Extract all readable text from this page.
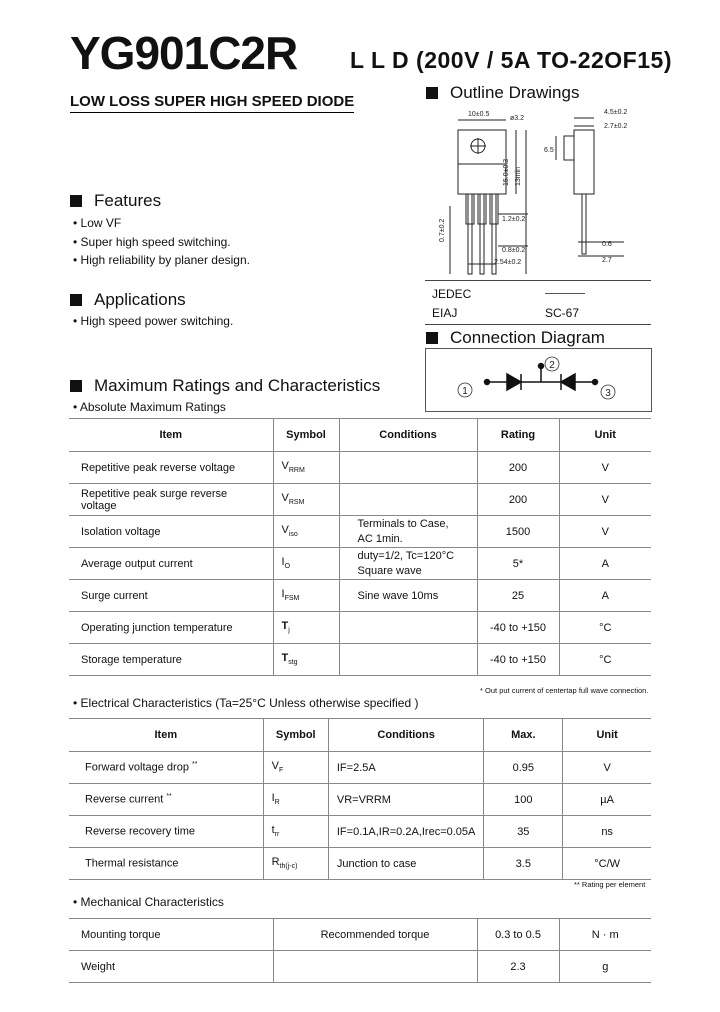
YG901C2R L L D (200V / 5A TO-22OF15)
LOW LOSS SUPER HIGH SPEED DIODE
Features
• Low VF
• Super high speed switching.
• High reliability by planer design.
Applications
• High speed power switching.
Outline Drawings
10±0.5
ø3.2
4.5±0.2
2.7±0.2
6.5
15.0±0.3 13min
1.2±0.2
0.8±0.2
0.7±0.2
2.54±0.2
0.6
2.7
JEDEC
EIAJ	SC-67
Connection Diagram
1
2
3
Maximum Ratings and Characteristics
• Absolute Maximum Ratings
Item	Symbol	Conditions	Rating	Unit
Repetitive peak reverse voltage	$V_{RRM}$		200	V
Repetitive peak surge reverse voltage	$V_{RSM}$		200	V
Isolation voltage	$V_{iso}$	Terminals to Case,
AC 1min.	1500	V
Average output current	$I_O$	duty=1/2, Tc=120°C
Square wave	5*	A
Surge current	$I_{FSM}$	Sine wave 10ms	25	A
Operating junction temperature	$T_j$		-40 to +150	°C
Storage temperature	$T_{stg}$		-40 to +150	°C
* Out put current of centertap full wave connection.
• Electrical Characteristics (Ta=25°C Unless otherwise specified )
Item	Symbol	Conditions	Max.	Unit
Forward voltage drop **	$V_F$	IF=2.5A	0.95	V
Reverse current **	$I_R$	VR=VRRM	100	µA
Reverse recovery time	$t_{rr}$	IF=0.1A,IR=0.2A,Irec=0.05A	35	ns
Thermal resistance	$R_{th(j-c)}$	Junction to case	3.5	°C/W
** Rating per element
• Mechanical Characteristics
Mounting torque	Recommended torque	0.3 to 0.5	N · m
Weight		2.3	g
